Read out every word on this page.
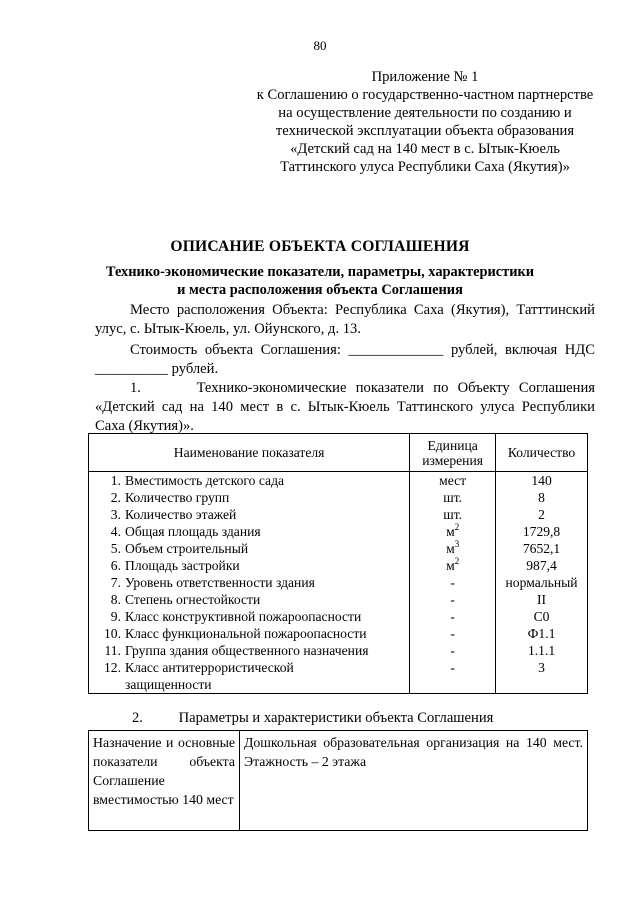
80
Приложение № 1
к Соглашению о государственно-частном партнерстве
на осуществление деятельности по созданию и
технической эксплуатации объекта образования
«Детский сад на 140 мест в с. Ытык-Кюель
Таттинского улуса Республики Саха (Якутия)»
ОПИСАНИЕ ОБЪЕКТА СОГЛАШЕНИЯ
Технико-экономические показатели, параметры, характеристики
и места расположения объекта Соглашения
Место расположения Объекта: Республика Саха (Якутия), Татттинский
улус, с. Ытык-Кюель, ул. Ойунского, д. 13.
Стоимость объекта Соглашения: _____________ рублей, включая НДС
__________ рублей.
1.      Технико-экономические показатели по Объекту Соглашения
«Детский сад на 140 мест в с. Ытык-Кюель Таттинского улуса Республики
Саха (Якутия)».
Наименование показателя	Единица измерения	Количество

1. Вместимость детского сада	мест	140

2. Количество групп	шт.	8

3. Количество этажей	шт.	2

4. Общая площадь здания	$м^2$	1729,8

5. Объем строительный	$м^3$	7652,1

6. Площадь застройки	$м^2$	987,4

7. Уровень ответственности здания	-	нормальный

8. Степень огнестойкости	-	II

9. Класс конструктивной пожароопасности	-	С0

10. Класс функциональной пожароопасности	-	Ф1.1

11. Группа здания общественного назначения	-	1.1.1

12. Класс антитеррористической
защищенности	-	3
2. Параметры и характеристики объекта Соглашения
Назначение и основные показатели объекта Соглашение вместимостью 140 мест	Дошкольная образовательная организация на 140 мест. Этажность – 2 этажа
